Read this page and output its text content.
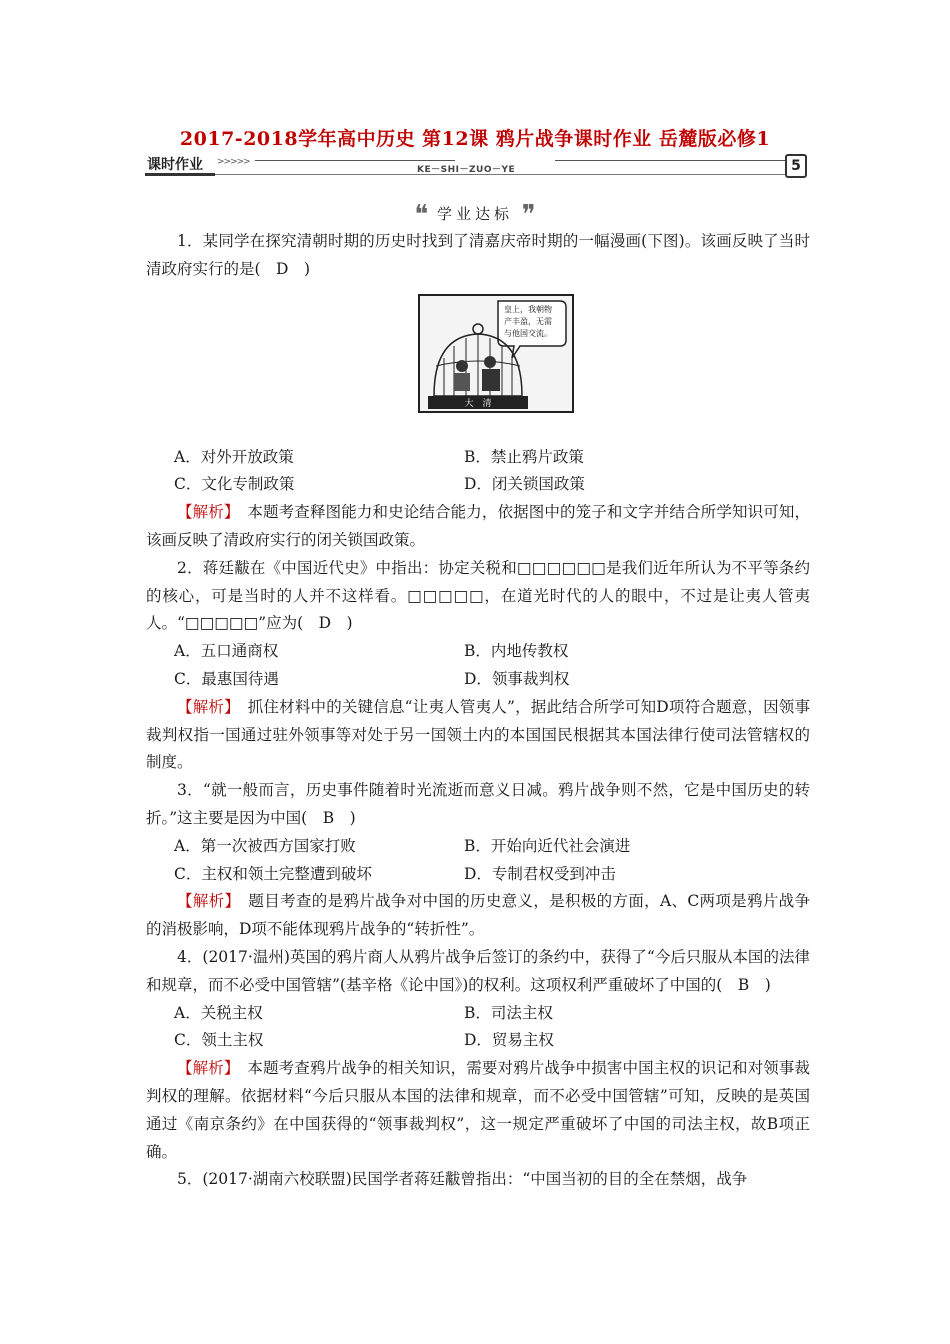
2017-2018学年高中历史 第12课 鸦片战争课时作业 岳麓版必修1
课时作业 >>>>>
KE－SHI－ZUO－YE	5
❝ 学业达标 ❞

1．某同学在探究清朝时期的历史时找到了清嘉庆帝时期的一幅漫画(下图)。该画反映了当时清政府实行的是(　D　)

皇上，我朝物
产丰盈，无需
与他国交流。
大　清
A．对外开放政策	B．禁止鸦片政策
C．文化专制政策	D．闭关锁国政策

【解析】　 本题考查释图能力和史论结合能力，依据图中的笼子和文字并结合所学知识可知，该画反映了清政府实行的闭关锁国政策。

2．蒋廷黻在《中国近代史》中指出：协定关税和□□□□□□是我们近年所认为不平等条约的核心，可是当时的人并不这样看。□□□□□，在道光时代的人的眼中，不过是让夷人管夷人。“□□□□□”应为(　D　)

A．五口通商权	B．内地传教权
C．最惠国待遇	D．领事裁判权

【解析】　 抓住材料中的关键信息“让夷人管夷人”，据此结合所学可知D项符合题意，因领事裁判权指一国通过驻外领事等对处于另一国领土内的本国国民根据其本国法律行使司法管辖权的制度。

3．“就一般而言，历史事件随着时光流逝而意义日减。鸦片战争则不然，它是中国历史的转折。”这主要是因为中国(　B　)

A．第一次被西方国家打败	B．开始向近代社会演进
C．主权和领土完整遭到破坏	D．专制君权受到冲击

【解析】　 题目考查的是鸦片战争对中国的历史意义，是积极的方面，A、C两项是鸦片战争的消极影响，D项不能体现鸦片战争的“转折性”。

4．(2017·温州)英国的鸦片商人从鸦片战争后签订的条约中，获得了“今后只服从本国的法律和规章，而不必受中国管辖”(基辛格《论中国》)的权利。这项权利严重破坏了中国的(　B　)

A．关税主权	B．司法主权
C．领土主权	D．贸易主权

【解析】　 本题考查鸦片战争的相关知识，需要对鸦片战争中损害中国主权的识记和对领事裁判权的理解。依据材料“今后只服从本国的法律和规章，而不必受中国管辖”可知，反映的是英国通过《南京条约》在中国获得的“领事裁判权”，这一规定严重破坏了中国的司法主权，故B项正确。

5．(2017·湖南六校联盟)民国学者蒋廷黻曾指出：“中国当初的目的全在禁烟，战争
